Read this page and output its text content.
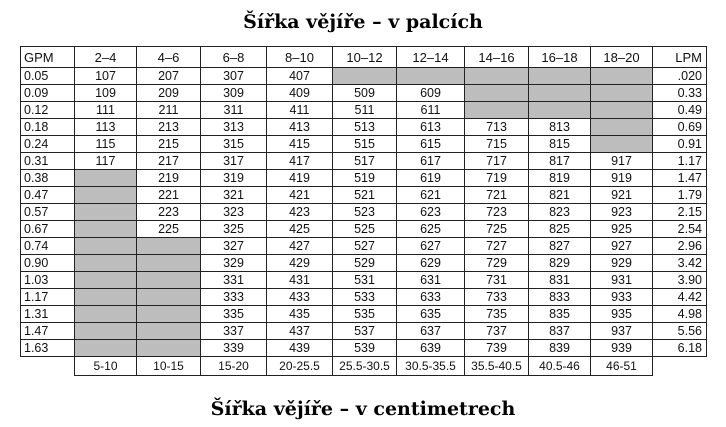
Šířka vějíře – v palcích
GPM	2–4	4–6	6–8	8–10	10–12	12–14	14–16	16–18	18–20	LPM
0.05	107	207	307	407						.020
0.09	109	209	309	409	509	609				0.33
0.12	111	211	311	411	511	611				0.49
0.18	113	213	313	413	513	613	713	813		0.69
0.24	115	215	315	415	515	615	715	815		0.91
0.31	117	217	317	417	517	617	717	817	917	1.17
0.38		219	319	419	519	619	719	819	919	1.47
0.47		221	321	421	521	621	721	821	921	1.79
0.57		223	323	423	523	623	723	823	923	2.15
0.67		225	325	425	525	625	725	825	925	2.54
0.74			327	427	527	627	727	827	927	2.96
0.90			329	429	529	629	729	829	929	3.42
1.03			331	431	531	631	731	831	931	3.90
1.17			333	433	533	633	733	833	933	4.42
1.31			335	435	535	635	735	835	935	4.98
1.47			337	437	537	637	737	837	937	5.56
1.63			339	439	539	639	739	839	939	6.18
	5-10	10-15	15-20	20-25.5	25.5-30.5	30.5-35.5	35.5-40.5	40.5-46	46-51	
Šířka vějíře – v centimetrech
